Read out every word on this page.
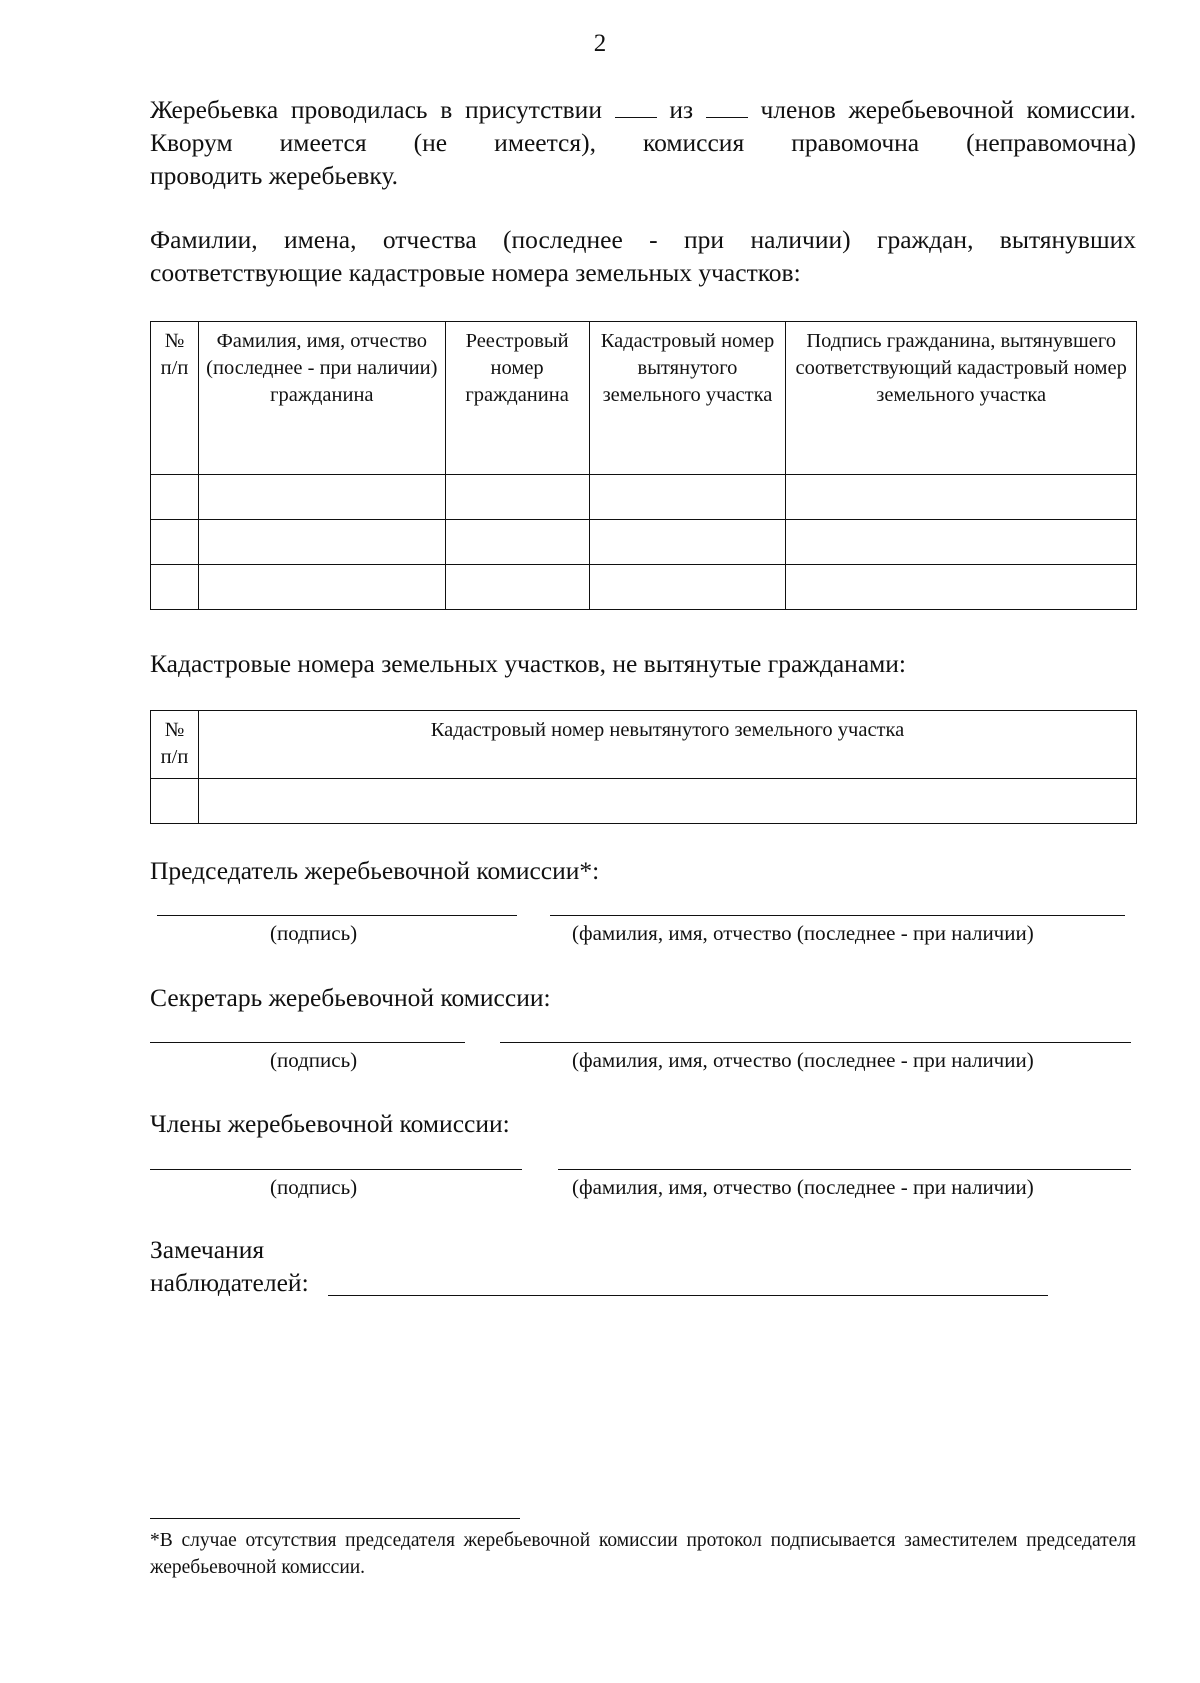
2
Жеребьевка проводилась в присутствии	из	членов жеребьевочной комиссии. Кворум имеется (не имеется), комиссия правомочна (неправомочна)
проводить жеребьевку.
Фамилии, имена, отчества (последнее - при наличии) граждан, вытянувших
соответствующие кадастровые номера земельных участков:
№ п/п	Фамилия, имя, отчество (последнее - при наличии) гражданина	Реестровый номер гражданина	Кадастровый номер вытянутого земельного участка	Подпись гражданина, вытянувшего соответствующий кадастровый номер земельного участка

Кадастровые номера земельных участков, не вытянутые гражданами:
№ п/п	Кадастровый номер невытянутого земельного участка

Председатель жеребьевочной комиссии*:
(подпись)	(фамилия, имя, отчество (последнее - при наличии)
Секретарь жеребьевочной комиссии:
(подпись)	(фамилия, имя, отчество (последнее - при наличии)
Члены жеребьевочной комиссии:
(подпись)	(фамилия, имя, отчество (последнее - при наличии)
Замечания
наблюдателей:
*В случае отсутствия председателя жеребьевочной комиссии протокол подписывается заместителем председателя жеребьевочной комиссии.
